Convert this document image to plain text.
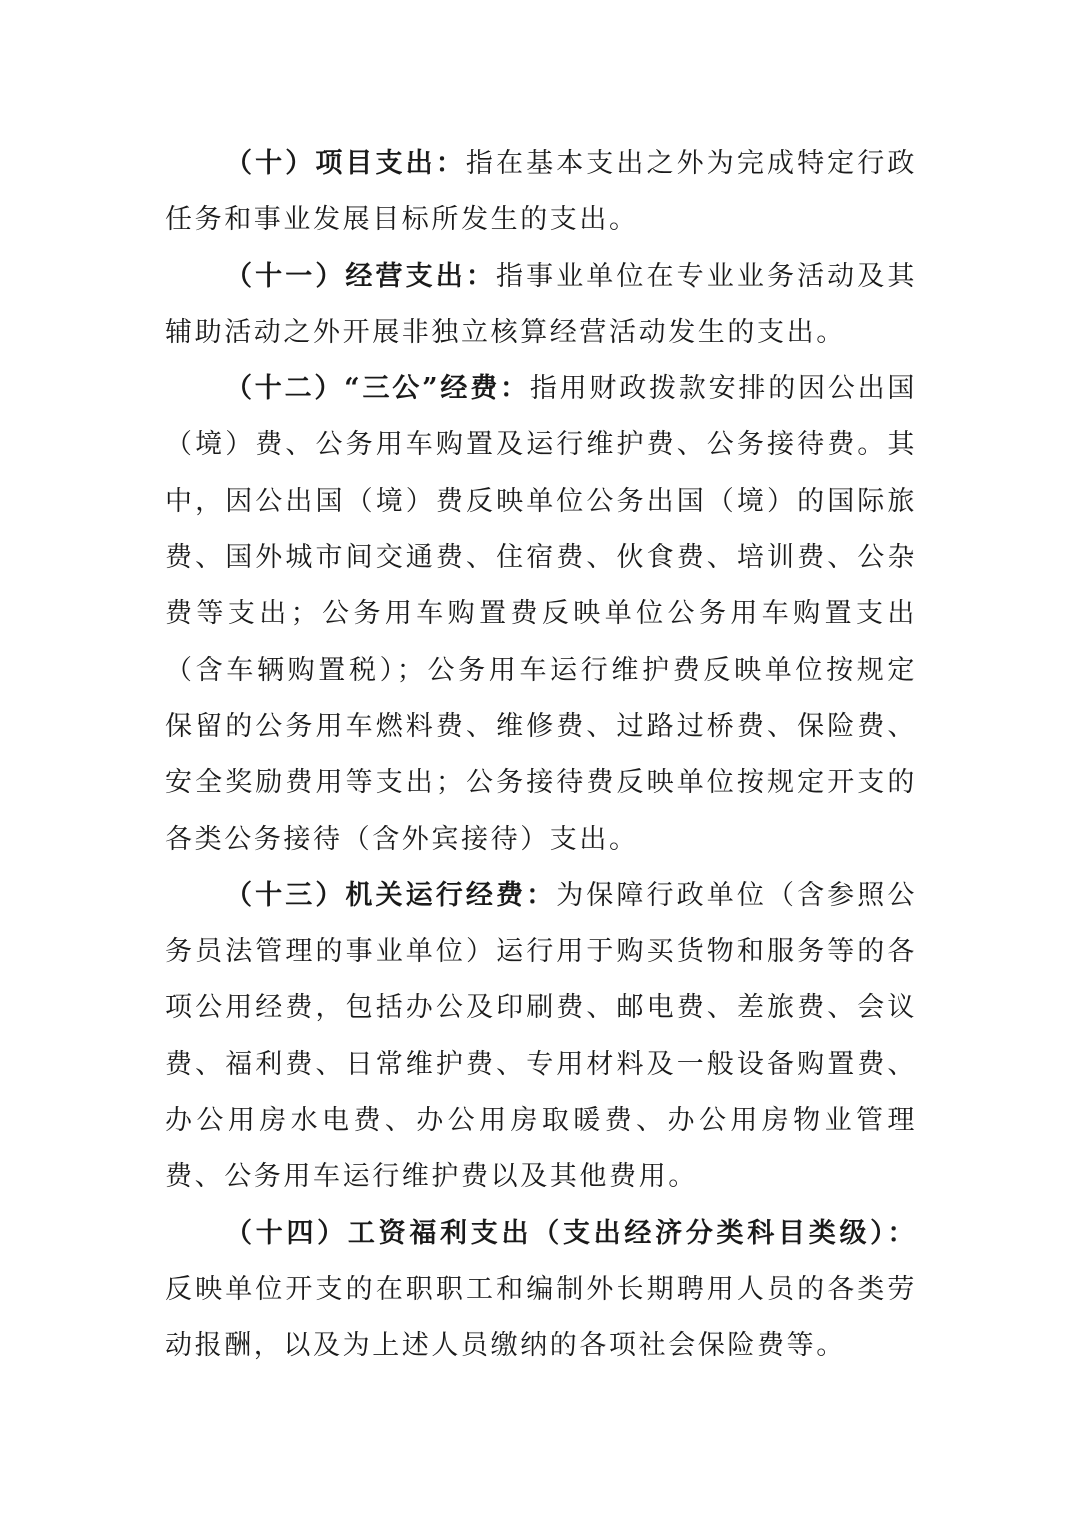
（十）项目支出：指在基本支出之外为完成特定行政任务和事业发展目标所发生的支出。

（十一）经营支出：指事业单位在专业业务活动及其辅助活动之外开展非独立核算经营活动发生的支出。

（十二）“三公”经费：指用财政拨款安排的因公出国（境）费、公务用车购置及运行维护费、公务接待费。其中，因公出国（境）费反映单位公务出国（境）的国际旅费、国外城市间交通费、住宿费、伙食费、培训费、公杂费等支出；公务用车购置费反映单位公务用车购置支出（含车辆购置税）；公务用车运行维护费反映单位按规定保留的公务用车燃料费、维修费、过路过桥费、保险费、安全奖励费用等支出；公务接待费反映单位按规定开支的各类公务接待（含外宾接待）支出。

（十三）机关运行经费：为保障行政单位（含参照公务员法管理的事业单位）运行用于购买货物和服务等的各项公用经费，包括办公及印刷费、邮电费、差旅费、会议费、福利费、日常维护费、专用材料及一般设备购置费、办公用房水电费、办公用房取暖费、办公用房物业管理费、公务用车运行维护费以及其他费用。

（十四）工资福利支出（支出经济分类科目类级）：反映单位开支的在职职工和编制外长期聘用人员的各类劳动报酬，以及为上述人员缴纳的各项社会保险费等。
